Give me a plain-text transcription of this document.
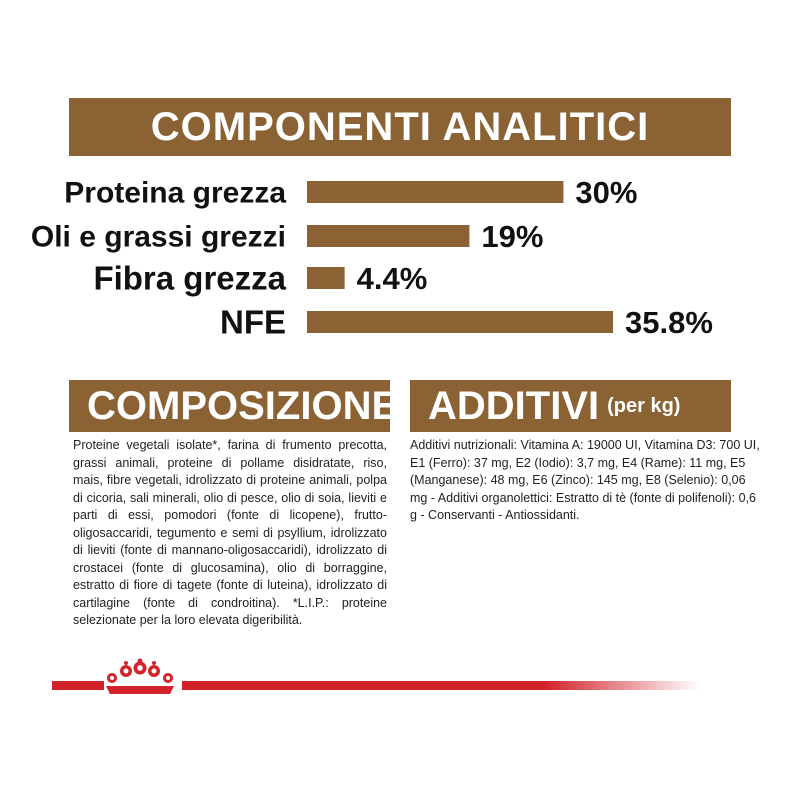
COMPONENTI ANALITICI
Proteina grezza	30%
Oli e grassi grezzi	19%
Fibra grezza 4.4%
NFE	35.8%
COMPOSIZIONE
Proteine vegetali isolate*, farina di frumento precotta, grassi animali, proteine di pollame disidratate, riso, mais, fibre vegetali, idrolizzato di proteine animali, polpa di cicoria, sali minerali, olio di pesce, olio di soia, lieviti e parti di essi, pomodori (fonte di licopene), frutto-oligosaccaridi, tegumento e semi di psyllium, idrolizzato di lieviti (fonte di mannano-oligosaccaridi), idrolizzato di crostacei (fonte di glucosamina), olio di borraggine, estratto di fiore di tagete (fonte di luteina), idrolizzato di cartilagine (fonte di condroitina). *L.I.P.: proteine selezionate per la loro elevata digeribilità.
ADDITIVI (per kg)
Additivi nutrizionali: Vitamina A: 19000 UI, Vitamina D3: 700 UI, E1 (Ferro): 37 mg, E2 (Iodio): 3,7 mg, E4 (Rame): 11 mg, E5 (Manganese): 48 mg, E6 (Zinco): 145 mg, E8 (Selenio): 0,06 mg - Additivi organolettici: Estratto di tè (fonte di polifenoli): 0,6 g - Conservanti - Antiossidanti.
